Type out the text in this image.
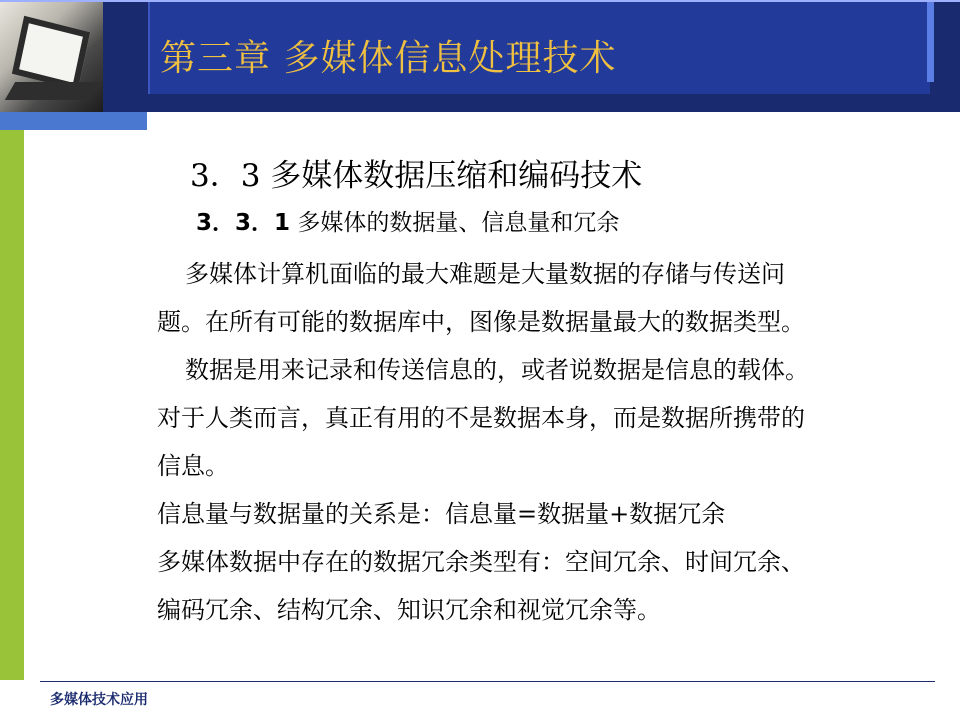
第三章 多媒体信息处理技术
3．3 多媒体数据压缩和编码技术
3．3．1 多媒体的数据量、信息量和冗余
多媒体计算机面临的最大难题是大量数据的存储与传送问
题。在所有可能的数据库中，图像是数据量最大的数据类型。
数据是用来记录和传送信息的，或者说数据是信息的载体。
对于人类而言，真正有用的不是数据本身，而是数据所携带的
信息。
信息量与数据量的关系是：信息量=数据量+数据冗余
多媒体数据中存在的数据冗余类型有：空间冗余、时间冗余、
编码冗余、结构冗余、知识冗余和视觉冗余等。
多媒体技术应用
